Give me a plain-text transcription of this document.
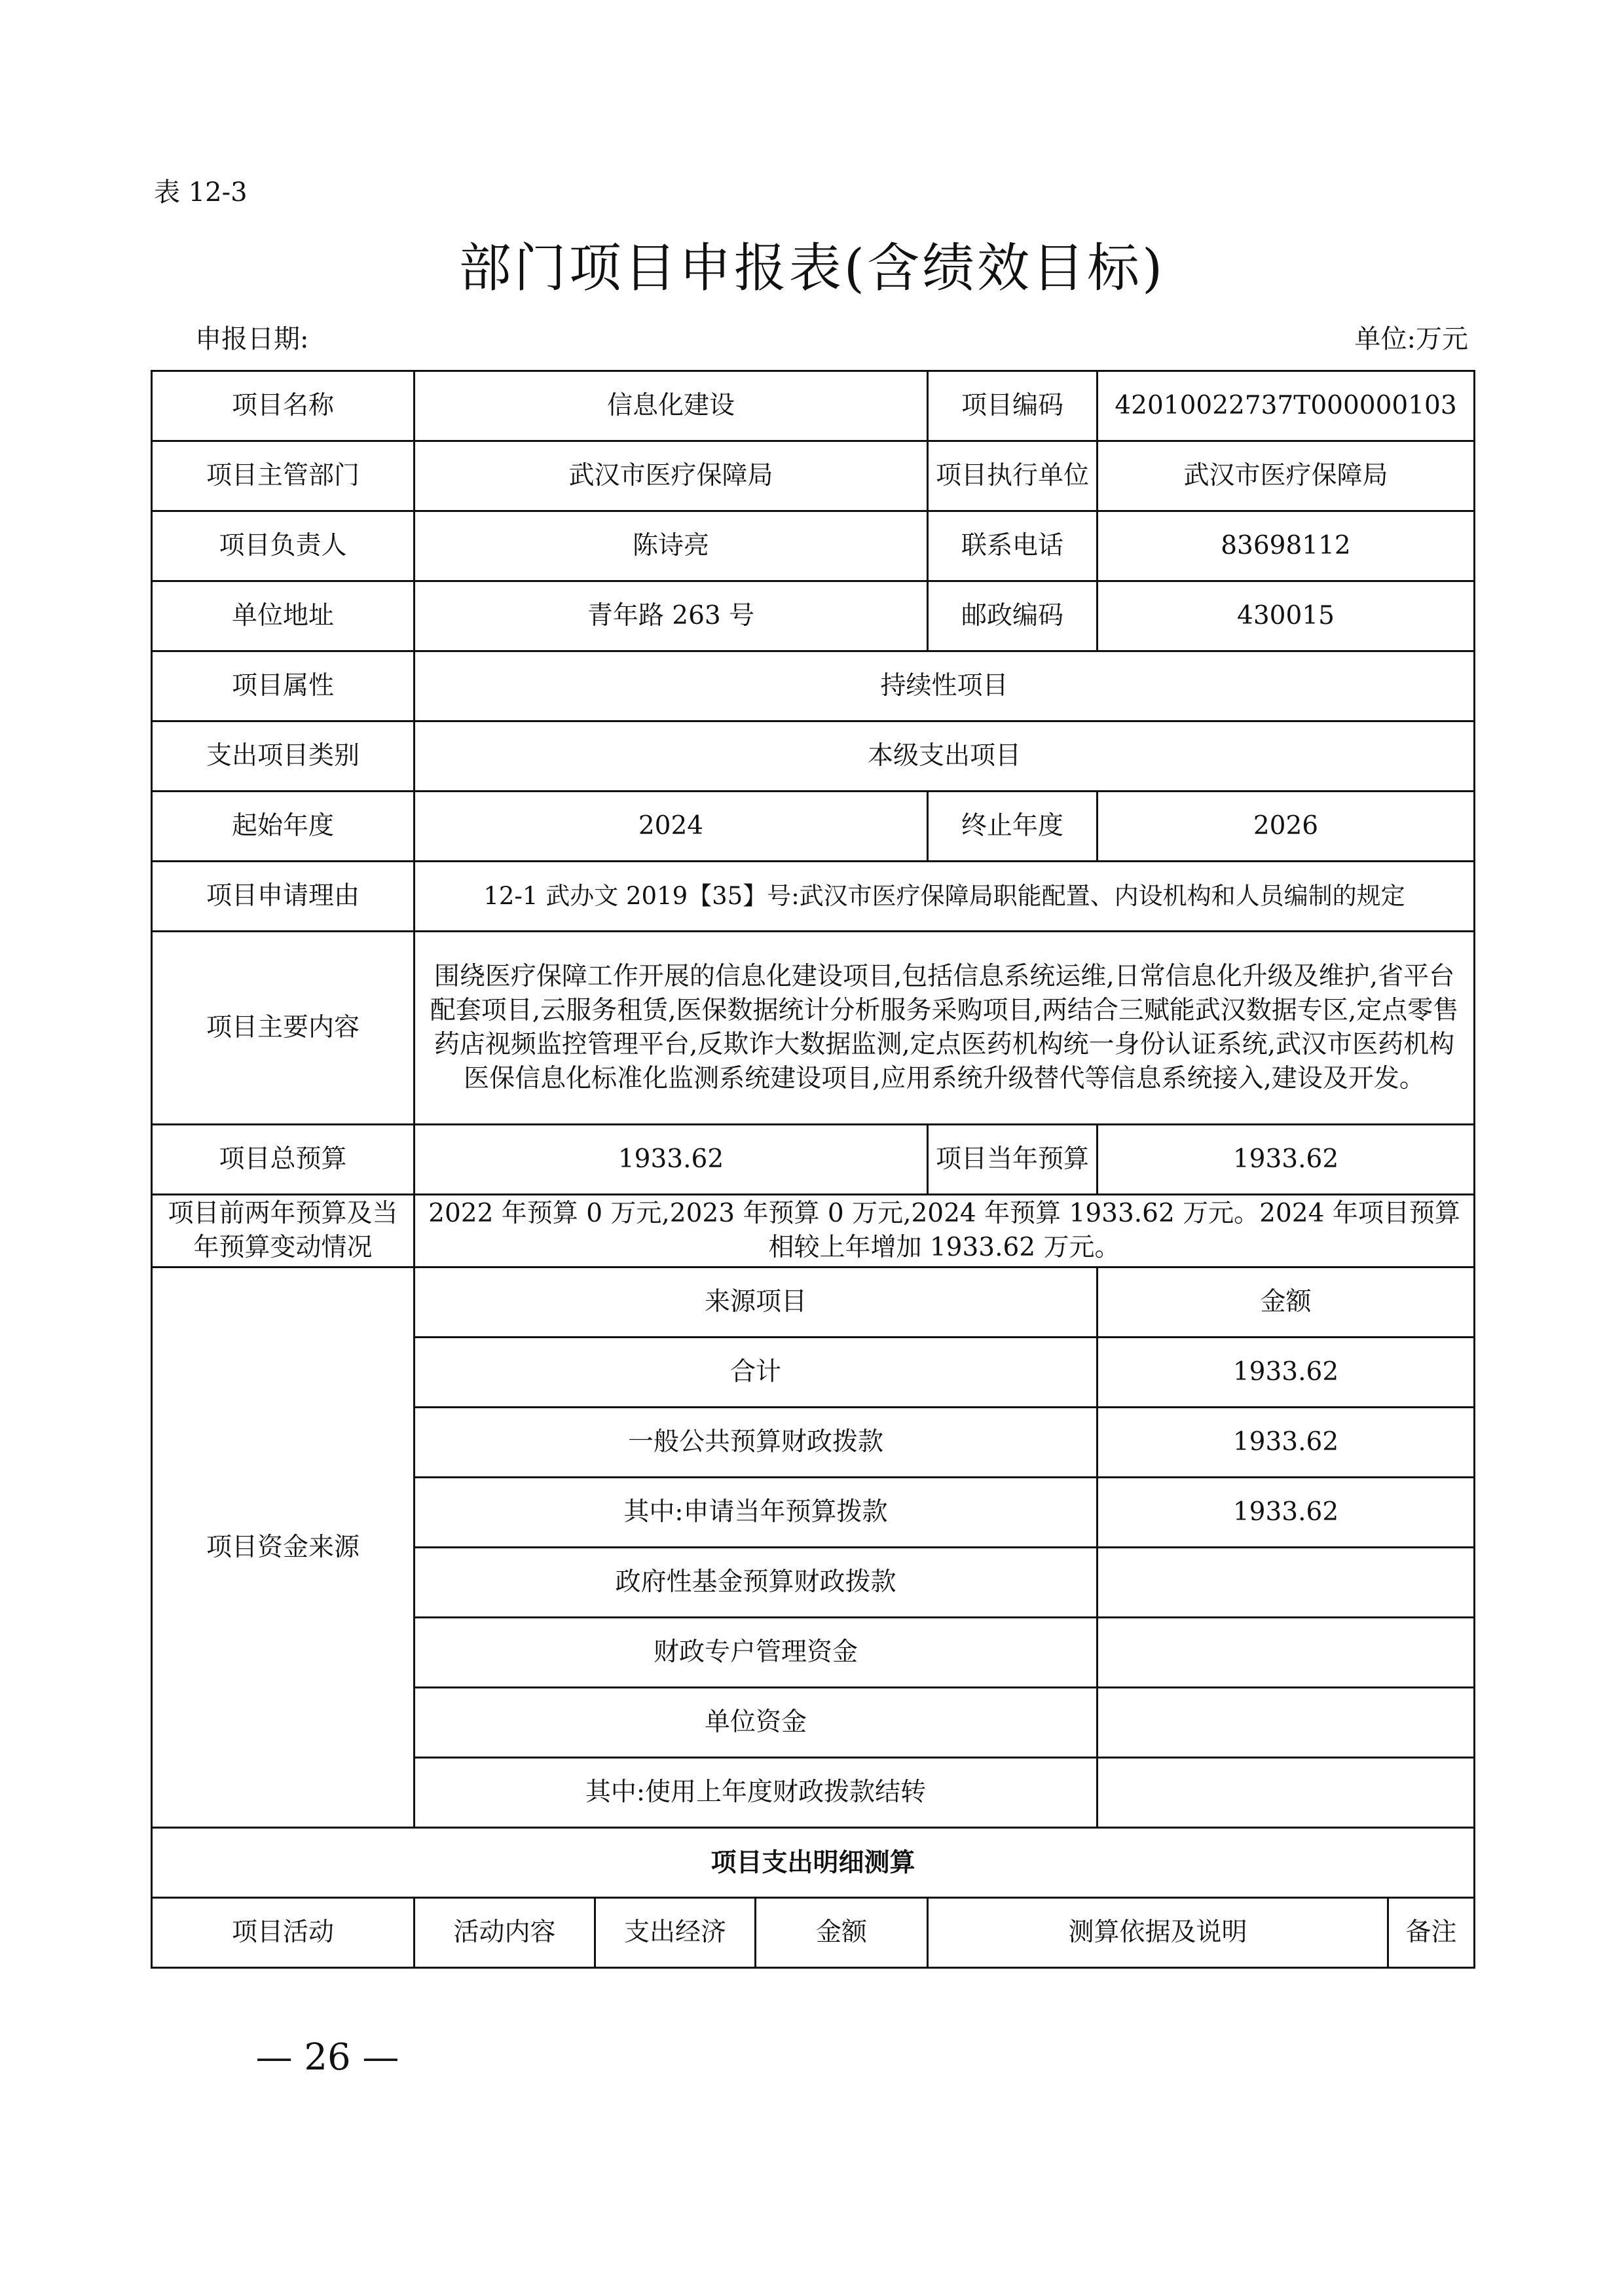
表 12-3
部门项目申报表(含绩效目标)
申报日期:	单位:万元
项目名称	信息化建设			项目编码	42010022737T000000103	
项目主管部门	武汉市医疗保障局			项目执行单位	武汉市医疗保障局	
项目负责人	陈诗亮			联系电话	83698112	
单位地址	青年路 263 号			邮政编码	430015	
项目属性	持续性项目					
支出项目类别	本级支出项目					
起始年度	2024			终止年度	2026	
项目申请理由	12-1 武办文 2019【35】号:武汉市医疗保障局职能配置、内设机构和人员编制的规定					
项目主要内容	围绕医疗保障工作开展的信息化建设项目,包括信息系统运维,日常信息化升级及维护,省平台配套项目,云服务租赁,医保数据统计分析服务采购项目,两结合三赋能武汉数据专区,定点零售药店视频监控管理平台,反欺诈大数据监测,定点医药机构统一身份认证系统,武汉市医药机构医保信息化标准化监测系统建设项目,应用系统升级替代等信息系统接入,建设及开发。					
项目总预算	1933.62			项目当年预算	1933.62	
项目前两年预算及当年预算变动情况	2022 年预算 0 万元,2023 年预算 0 万元,2024 年预算 1933.62 万元。2024 年项目预算相较上年增加 1933.62 万元。					
项目资金来源	来源项目				金额	
	合计				1933.62	
	一般公共预算财政拨款				1933.62	
	其中:申请当年预算拨款				1933.62	
	政府性基金预算财政拨款					
	财政专户管理资金					
	单位资金					
	其中:使用上年度财政拨款结转					
项目支出明细测算						
项目活动	活动内容	支出经济	金额	测算依据及说明		备注
— 26 —
